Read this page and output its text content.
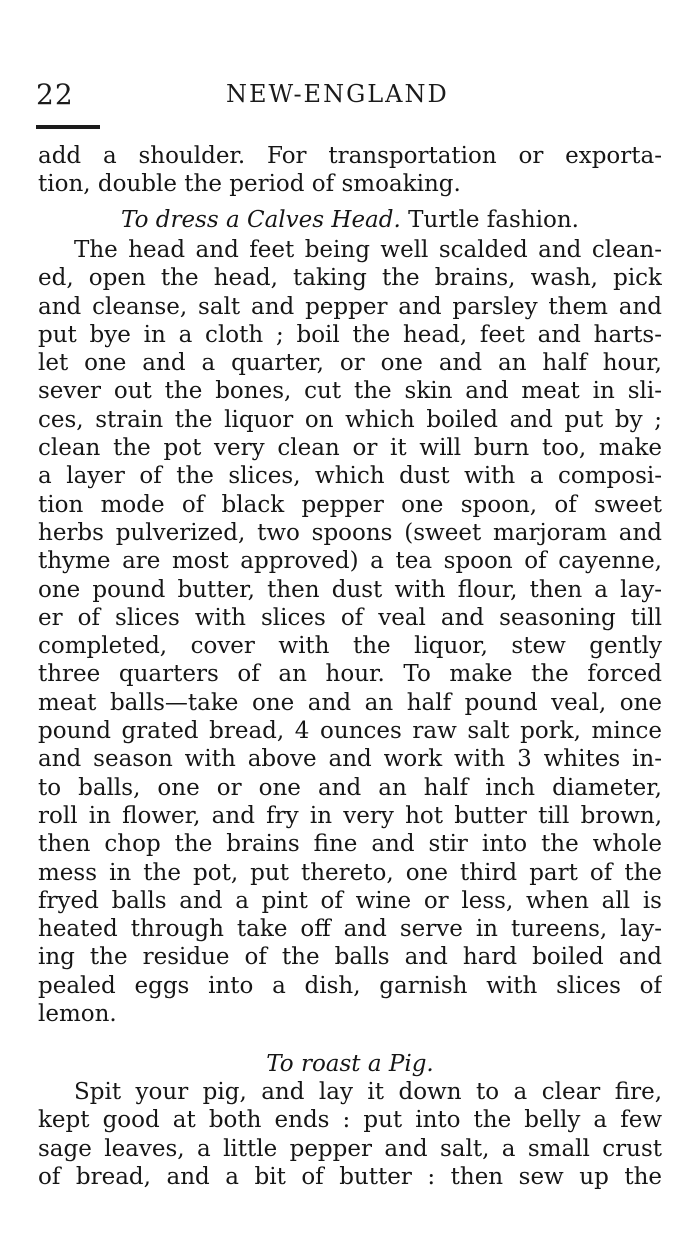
22	NEW-ENGLAND
add a shoulder. For transportation or exporta-
tion, double the period of smoaking.
To dress a Calves Head. Turtle fashion.
The head and feet being well scalded and clean-
ed, open the head, taking the brains, wash, pick
and cleanse, salt and pepper and parsley them and
put bye in a cloth ; boil the head, feet and harts-
let one and a quarter, or one and an half hour,
sever out the bones, cut the skin and meat in sli-
ces, strain the liquor on which boiled and put by ;
clean the pot very clean or it will burn too, make
a layer of the slices, which dust with a composi-
tion mode of black pepper one spoon, of sweet
herbs pulverized, two spoons (sweet marjoram and
thyme are most approved) a tea spoon of cayenne,
one pound butter, then dust with flour, then a lay-
er of slices with slices of veal and seasoning till
completed, cover with the liquor, stew gently
three quarters of an hour. To make the forced
meat balls—take one and an half pound veal, one
pound grated bread, 4 ounces raw salt pork, mince
and season with above and work with 3 whites in-
to balls, one or one and an half inch diameter,
roll in flower, and fry in very hot butter till brown,
then chop the brains fine and stir into the whole
mess in the pot, put thereto, one third part of the
fryed balls and a pint of wine or less, when all is
heated through take off and serve in tureens, lay-
ing the residue of the balls and hard boiled and
pealed eggs into a dish, garnish with slices of
lemon.
To roast a Pig.
Spit your pig, and lay it down to a clear fire,
kept good at both ends : put into the belly a few
sage leaves, a little pepper and salt, a small crust
of bread, and a bit of butter : then sew up the
